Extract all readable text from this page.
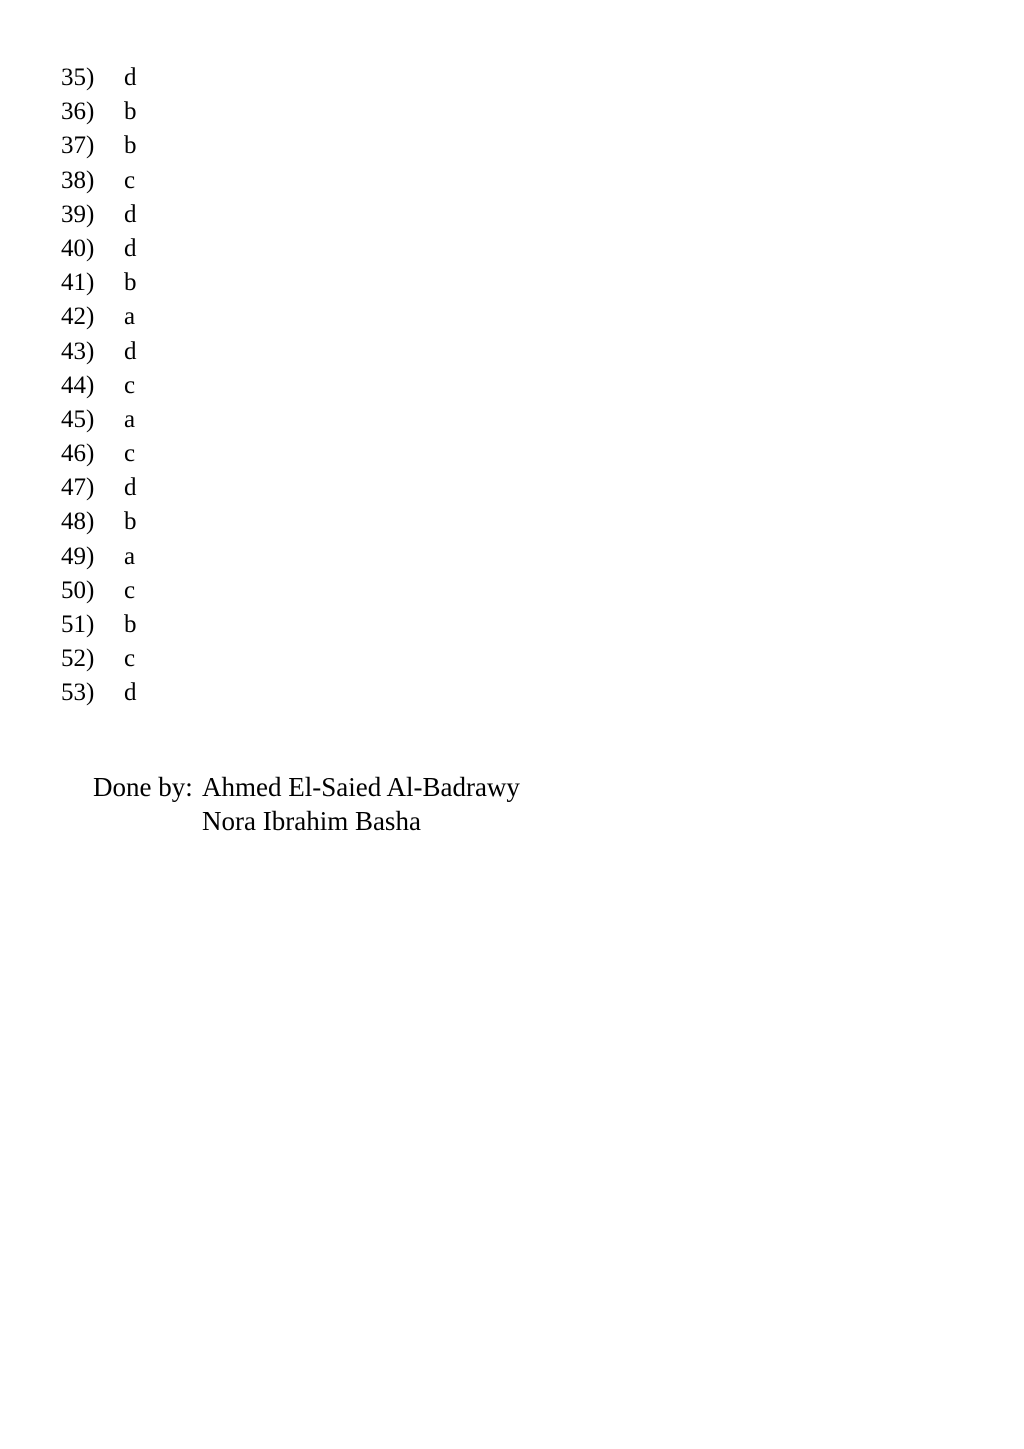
35)	d
36)	b
37)	b
38)	c
39)	d
40)	d
41)	b
42)	a
43)	d
44)	c
45)	a
46)	c
47)	d
48)	b
49)	a
50)	c
51)	b
52)	c
53)	d
Done by: Ahmed El-Saied Al-Badrawy
Nora Ibrahim Basha
